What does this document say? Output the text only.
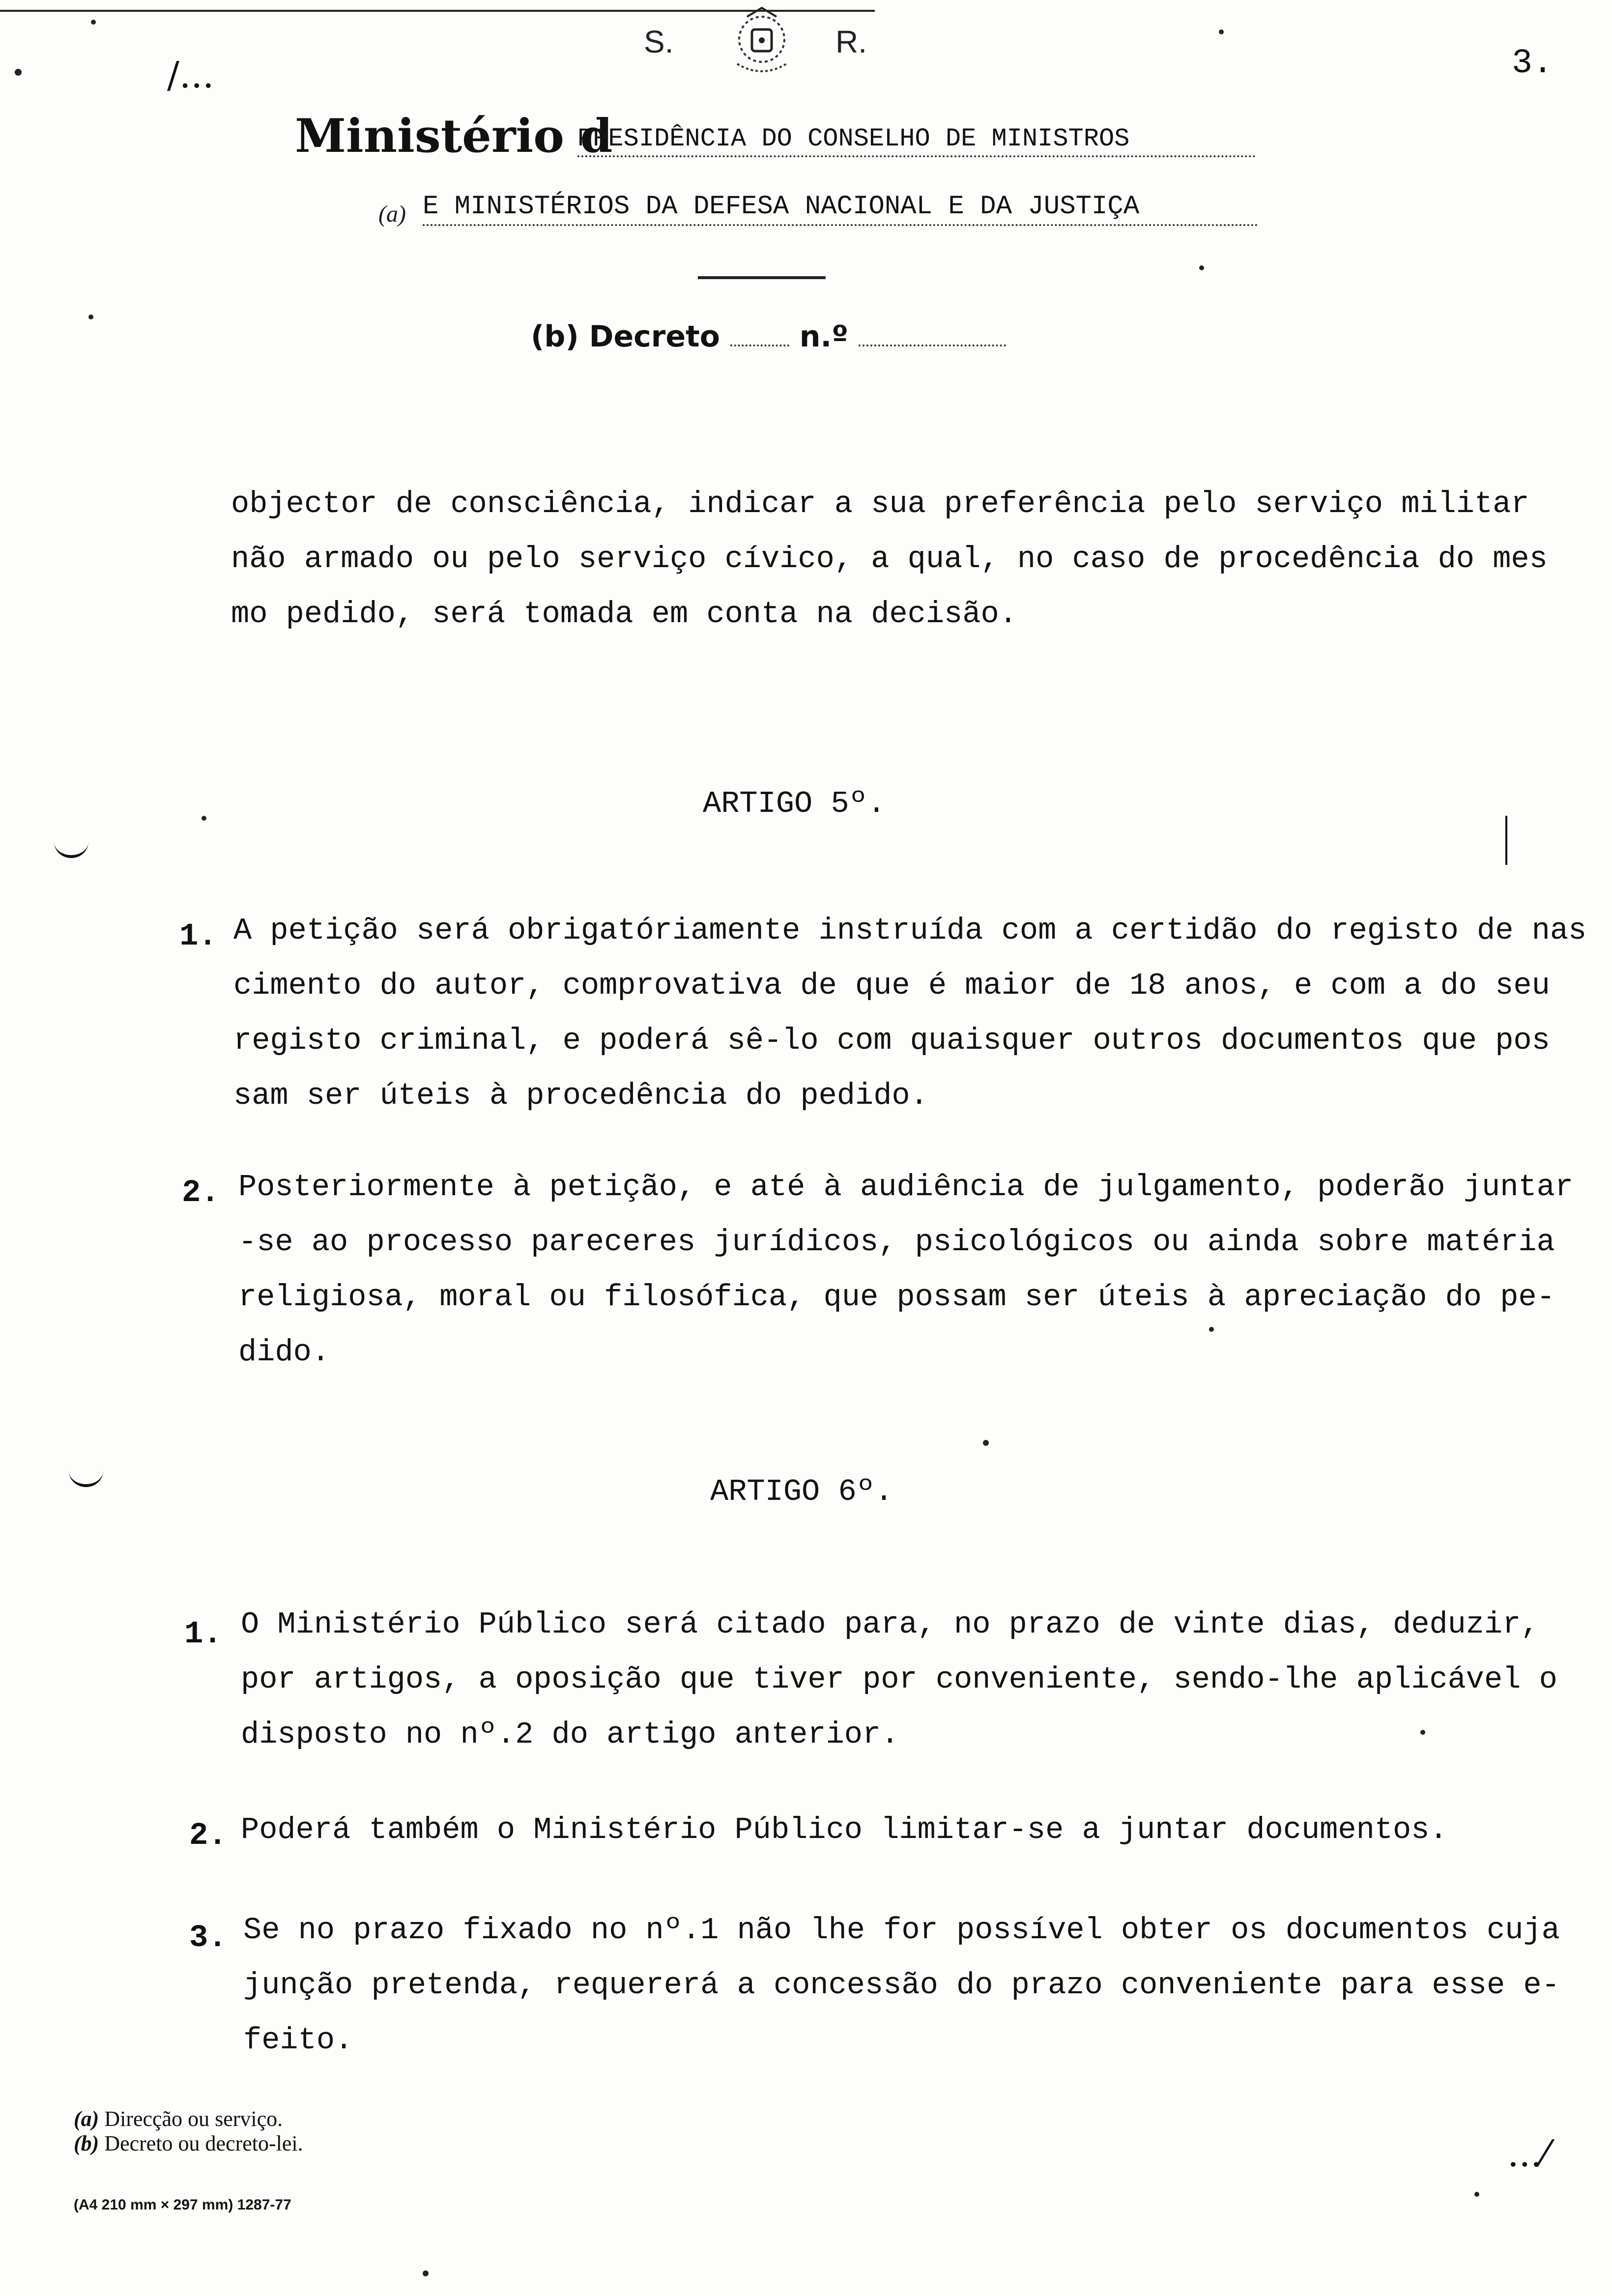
/...
S.	R.
3.
Ministério d
PRESIDÊNCIA DO CONSELHO DE MINISTROS
(a) E MINISTÉRIOS DA DEFESA NACIONAL E DA JUSTIÇA
(b) Decreto	n.º
objector de consciência, indicar a sua preferência pelo serviço militar
não armado ou pelo serviço cívico, a qual, no caso de procedência do mes
mo pedido, será tomada em conta na decisão.
ARTIGO 5º.
1. A petição será obrigatóriamente instruída com a certidão do registo de nas
cimento do autor, comprovativa de que é maior de 18 anos, e com a do seu
registo criminal, e poderá sê-lo com quaisquer outros documentos que pos
sam ser úteis à procedência do pedido.
2. Posteriormente à petição, e até à audiência de julgamento, poderão juntar
-se ao processo pareceres jurídicos, psicológicos ou ainda sobre matéria
religiosa, moral ou filosófica, que possam ser úteis à apreciação do pe-
dido.
ARTIGO 6º.
1. O Ministério Público será citado para, no prazo de vinte dias, deduzir,
por artigos, a oposição que tiver por conveniente, sendo-lhe aplicável o
disposto no nº.2 do artigo anterior.
2. Poderá também o Ministério Público limitar-se a juntar documentos.
3. Se no prazo fixado no nº.1 não lhe for possível obter os documentos cuja
junção pretenda, requererá a concessão do prazo conveniente para esse e-
feito.
(a) Direcção ou serviço.
(b) Decreto ou decreto-lei.
(A4 210 mm × 297 mm) 1287-77
...⁄
